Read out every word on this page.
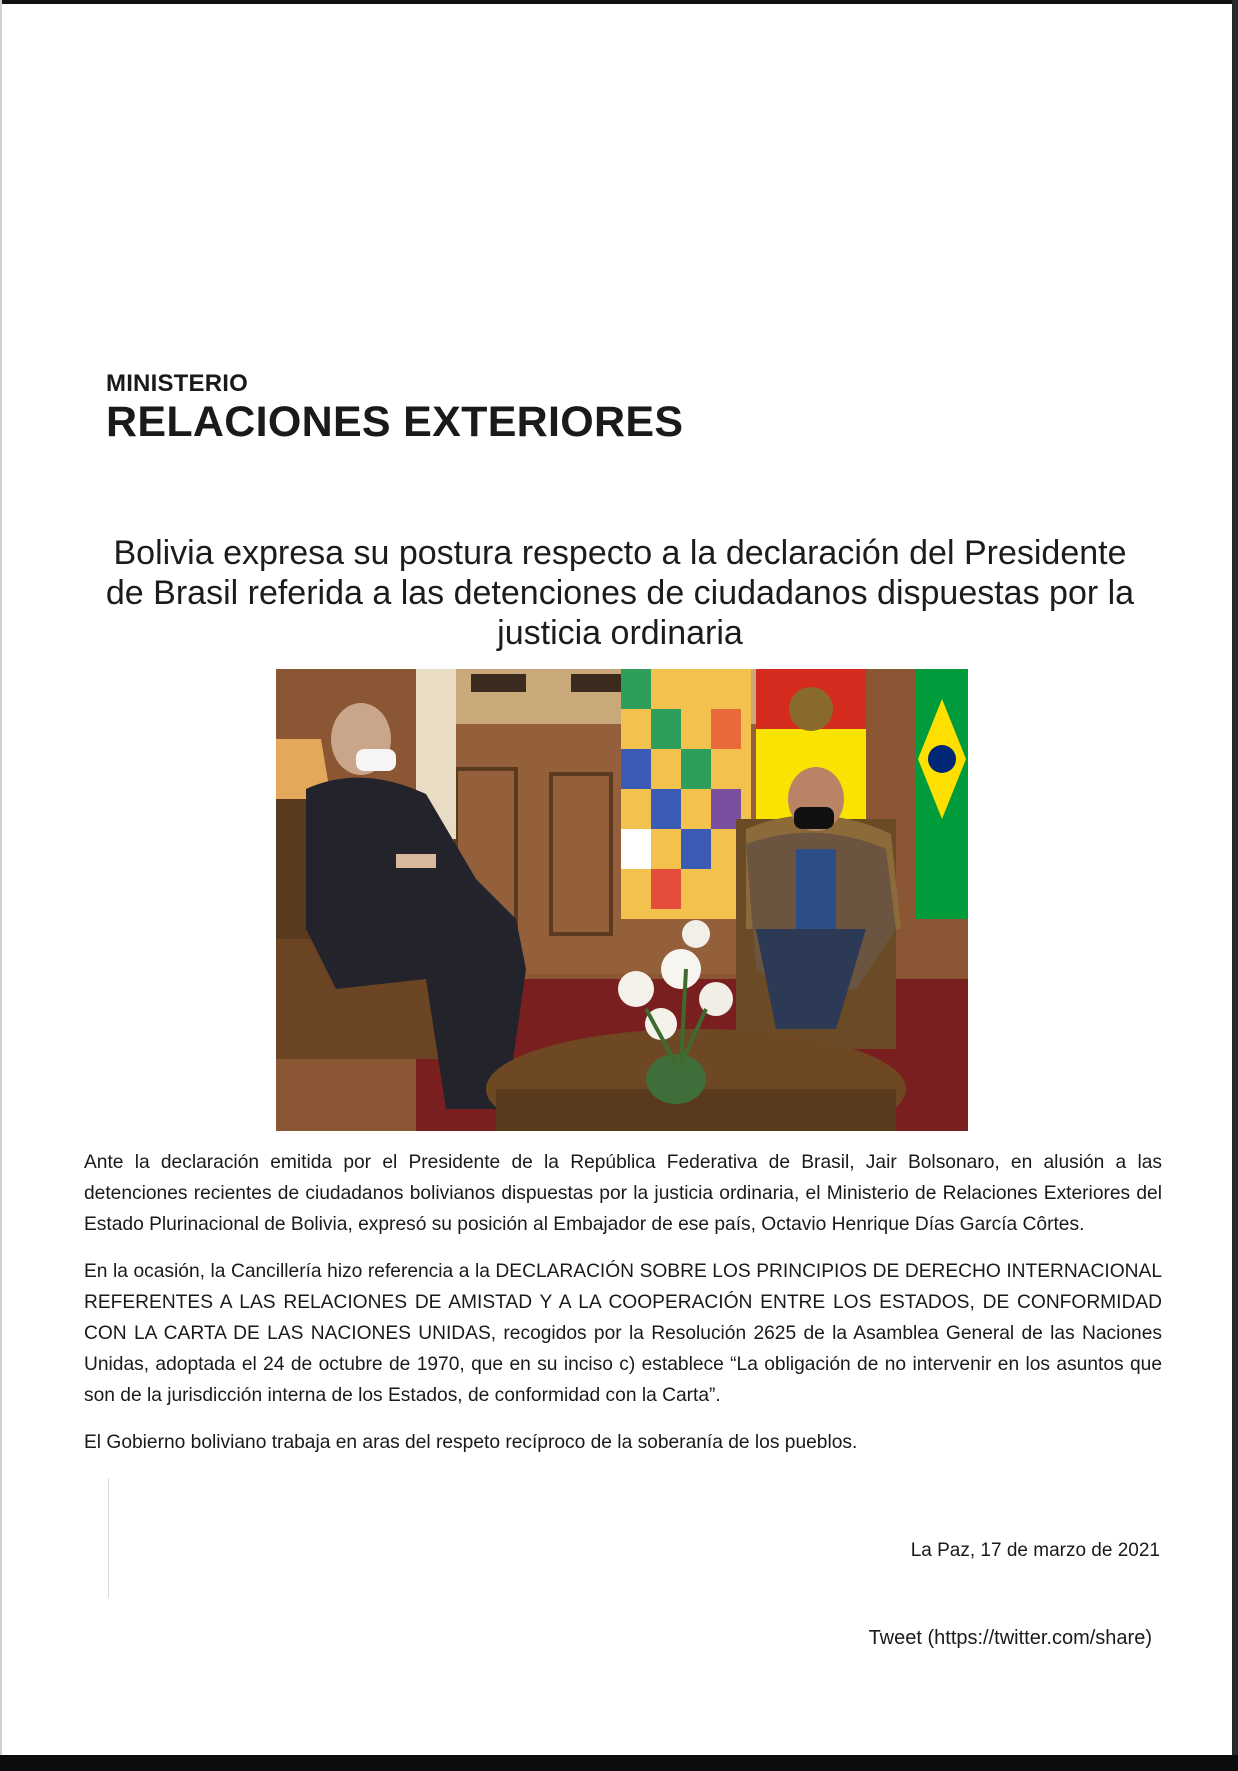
MINISTERIO
RELACIONES EXTERIORES
Bolivia expresa su postura respecto a la declaración del Presidente de Brasil referida a las detenciones de ciudadanos dispuestas por la justicia ordinaria

Ante la declaración emitida por el Presidente de la República Federativa de Brasil, Jair Bolsonaro, en alusión a las detenciones recientes de ciudadanos bolivianos dispuestas por la justicia ordinaria, el Ministerio de Relaciones Exteriores del Estado Plurinacional de Bolivia, expresó su posición al Embajador de ese país, Octavio Henrique Días García Côrtes.

En la ocasión, la Cancillería hizo referencia a la DECLARACIÓN SOBRE LOS PRINCIPIOS DE DERECHO INTERNACIONAL REFERENTES A LAS RELACIONES DE AMISTAD Y A LA COOPERACIÓN ENTRE LOS ESTADOS, DE CONFORMIDAD CON LA CARTA DE LAS NACIONES UNIDAS, recogidos por la Resolución 2625 de la Asamblea General de las Naciones Unidas, adoptada el 24 de octubre de 1970, que en su inciso c) establece “La obligación de no intervenir en los asuntos que son de la jurisdicción interna de los Estados, de conformidad con la Carta”.

El Gobierno boliviano trabaja en aras del respeto recíproco de la soberanía de los pueblos.

La Paz, 17 de marzo de 2021
Tweet (https://twitter.com/share)
